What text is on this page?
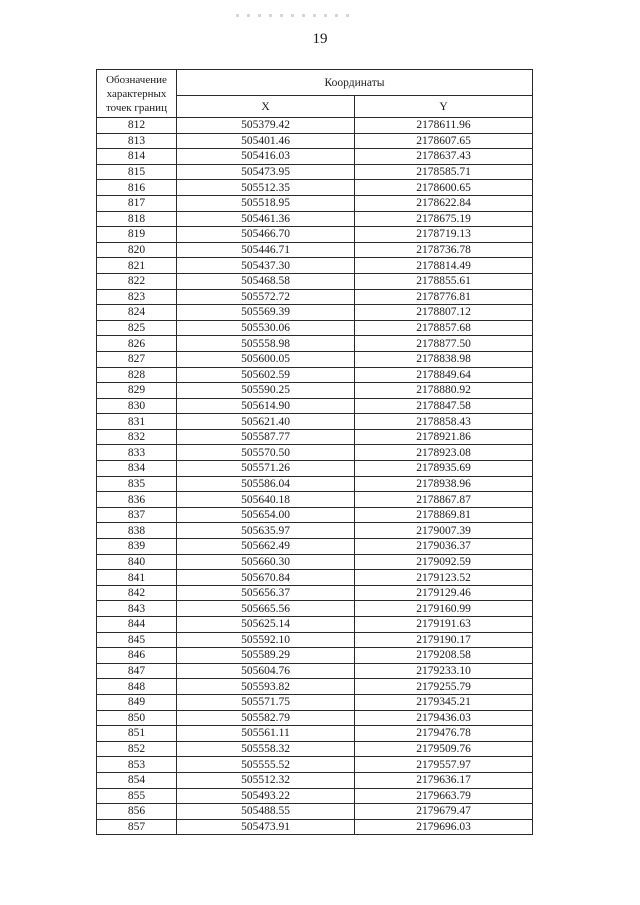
19
Обозначение характерных точек границ	Координаты	
	X	Y
812	505379.42	2178611.96
813	505401.46	2178607.65
814	505416.03	2178637.43
815	505473.95	2178585.71
816	505512.35	2178600.65
817	505518.95	2178622.84
818	505461.36	2178675.19
819	505466.70	2178719.13
820	505446.71	2178736.78
821	505437.30	2178814.49
822	505468.58	2178855.61
823	505572.72	2178776.81
824	505569.39	2178807.12
825	505530.06	2178857.68
826	505558.98	2178877.50
827	505600.05	2178838.98
828	505602.59	2178849.64
829	505590.25	2178880.92
830	505614.90	2178847.58
831	505621.40	2178858.43
832	505587.77	2178921.86
833	505570.50	2178923.08
834	505571.26	2178935.69
835	505586.04	2178938.96
836	505640.18	2178867.87
837	505654.00	2178869.81
838	505635.97	2179007.39
839	505662.49	2179036.37
840	505660.30	2179092.59
841	505670.84	2179123.52
842	505656.37	2179129.46
843	505665.56	2179160.99
844	505625.14	2179191.63
845	505592.10	2179190.17
846	505589.29	2179208.58
847	505604.76	2179233.10
848	505593.82	2179255.79
849	505571.75	2179345.21
850	505582.79	2179436.03
851	505561.11	2179476.78
852	505558.32	2179509.76
853	505555.52	2179557.97
854	505512.32	2179636.17
855	505493.22	2179663.79
856	505488.55	2179679.47
857	505473.91	2179696.03
